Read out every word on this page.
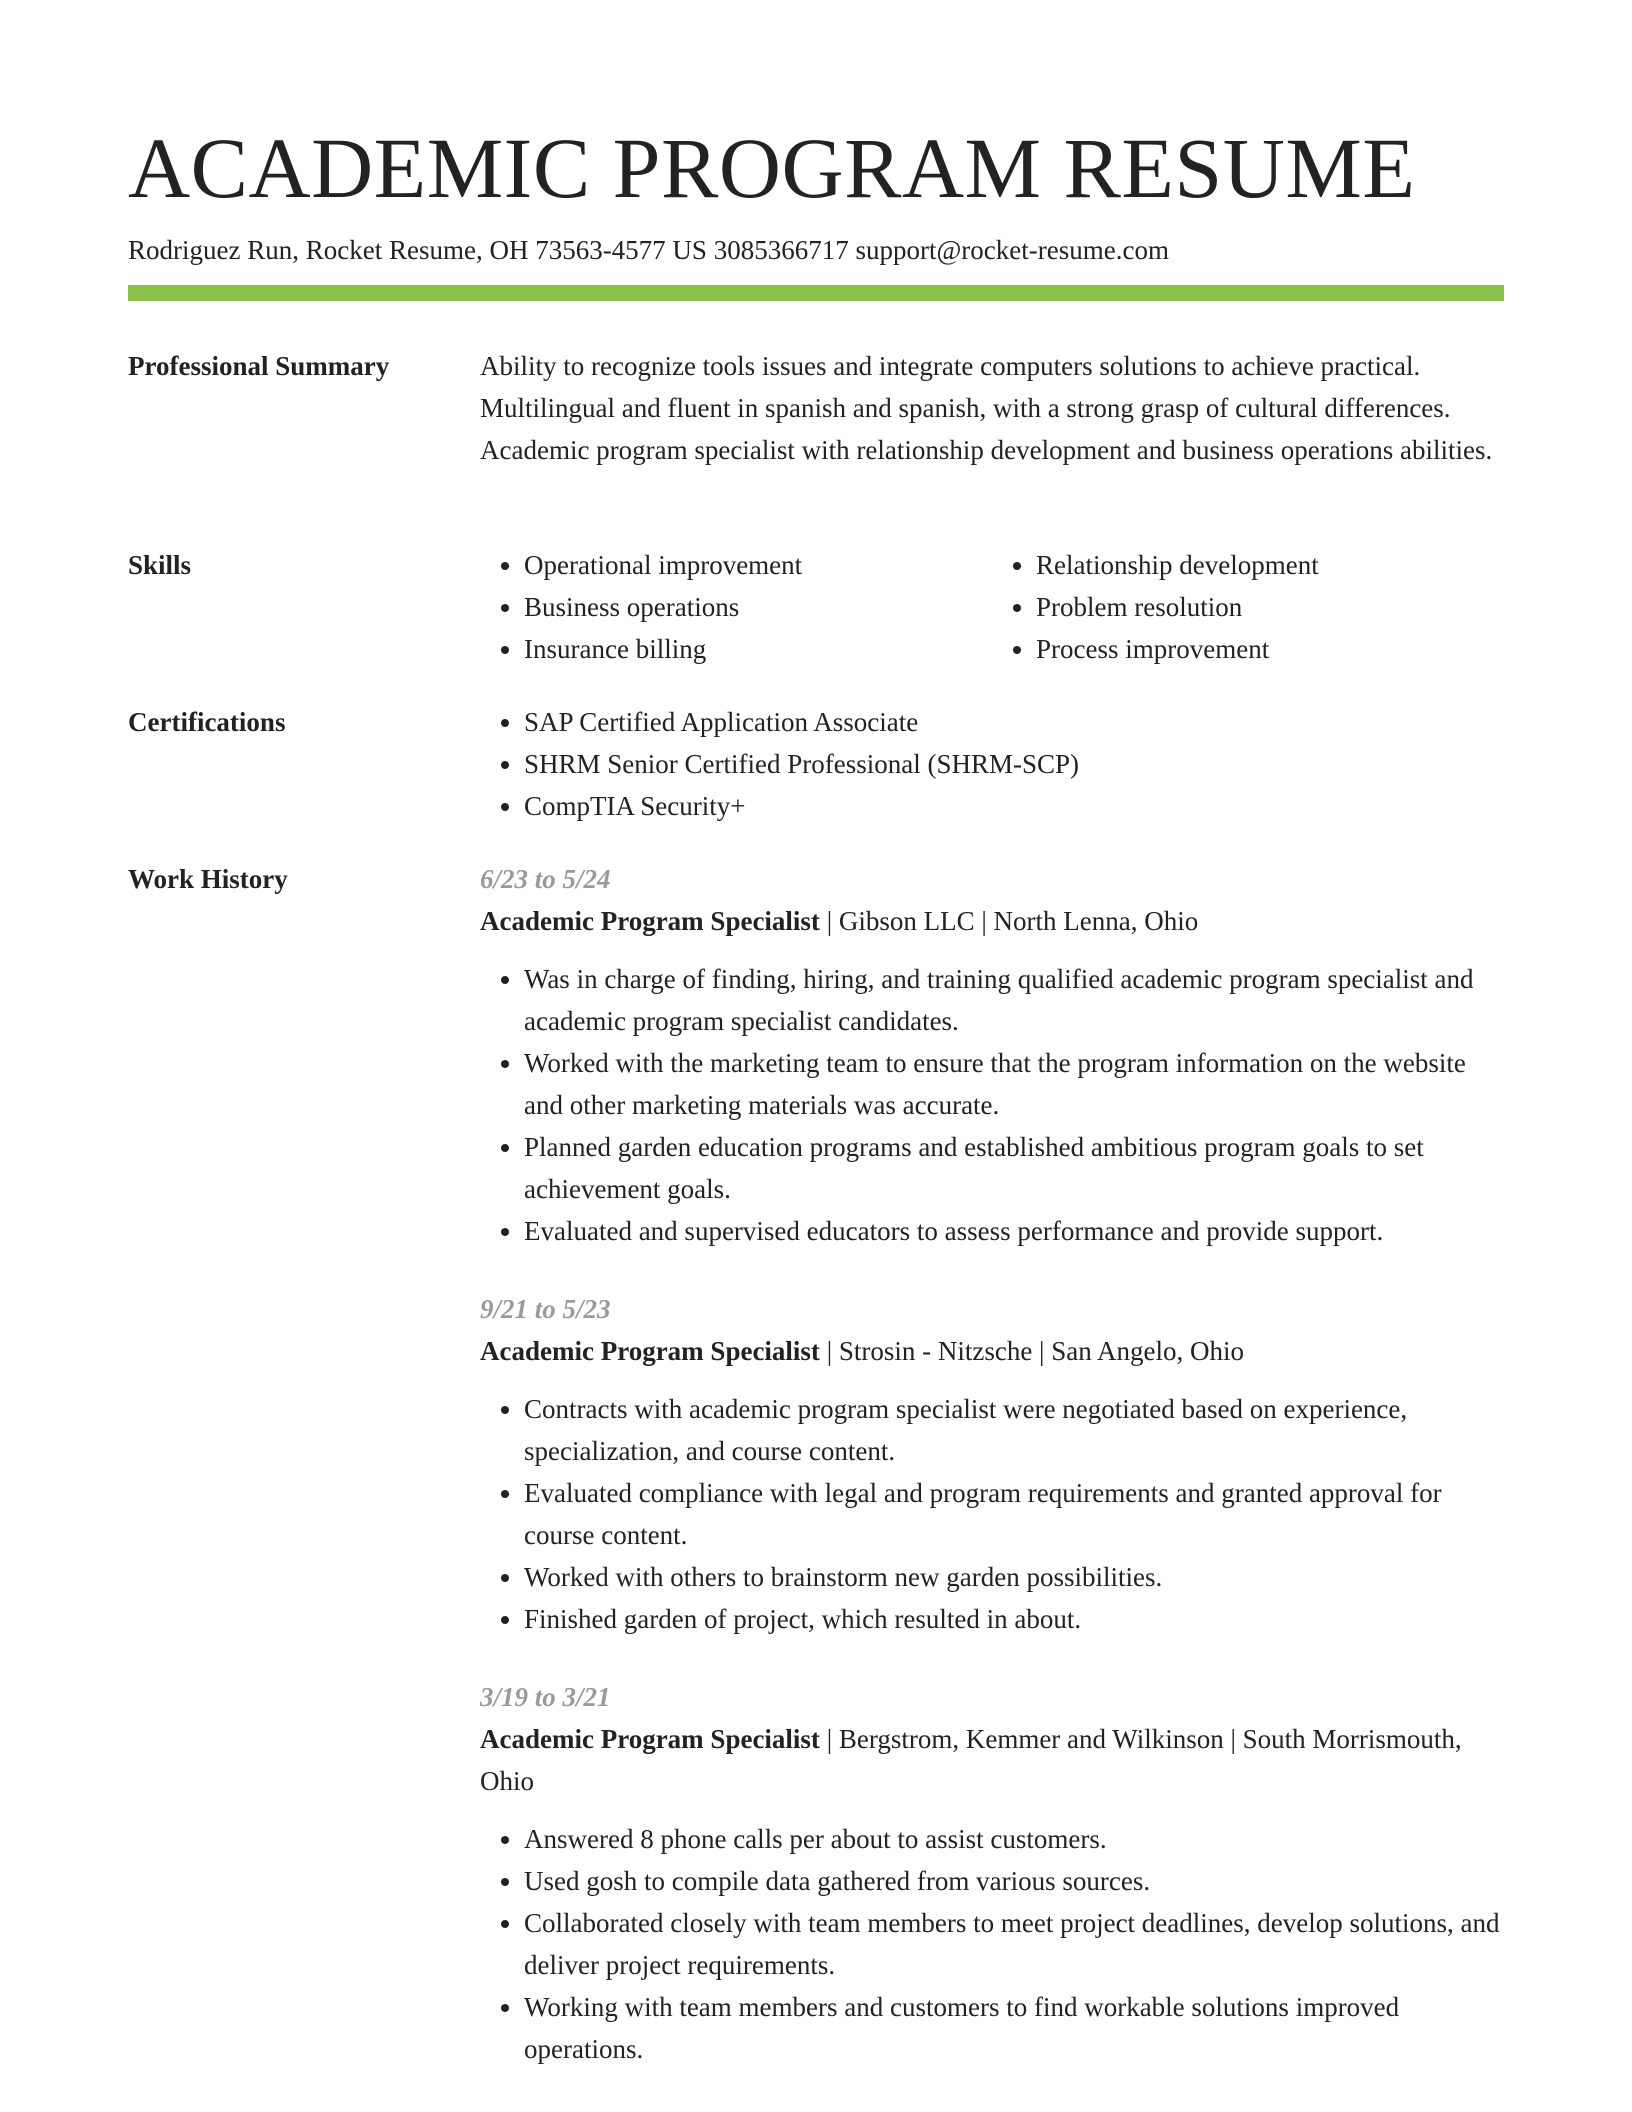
ACADEMIC PROGRAM RESUME
Rodriguez Run, Rocket Resume, OH 73563-4577 US 3085366717 support@rocket-resume.com
Professional Summary	Ability to recognize tools issues and integrate computers solutions to achieve practical. Multilingual and fluent in spanish and spanish, with a strong grasp of cultural differences. Academic program specialist with relationship development and business operations abilities.

Skills	• Operational improvement
• Business operations
• Insurance billing
• Relationship development
• Problem resolution
• Process improvement
Certifications	• SAP Certified Application Associate
• SHRM Senior Certified Professional (SHRM-SCP)
• CompTIA Security+
Work History	6/23 to 5/24
Academic Program Specialist | Gibson LLC | North Lenna, Ohio
• Was in charge of finding, hiring, and training qualified academic program specialist and academic program specialist candidates.
• Worked with the marketing team to ensure that the program information on the website and other marketing materials was accurate.
• Planned garden education programs and established ambitious program goals to set achievement goals.
• Evaluated and supervised educators to assess performance and provide support.
9/21 to 5/23
Academic Program Specialist | Strosin - Nitzsche | San Angelo, Ohio
• Contracts with academic program specialist were negotiated based on experience, specialization, and course content.
• Evaluated compliance with legal and program requirements and granted approval for course content.
• Worked with others to brainstorm new garden possibilities.
• Finished garden of project, which resulted in about.
3/19 to 3/21
Academic Program Specialist | Bergstrom, Kemmer and Wilkinson | South Morrismouth, Ohio
• Answered 8 phone calls per about to assist customers.
• Used gosh to compile data gathered from various sources.
• Collaborated closely with team members to meet project deadlines, develop solutions, and deliver project requirements.
• Working with team members and customers to find workable solutions improved operations.
